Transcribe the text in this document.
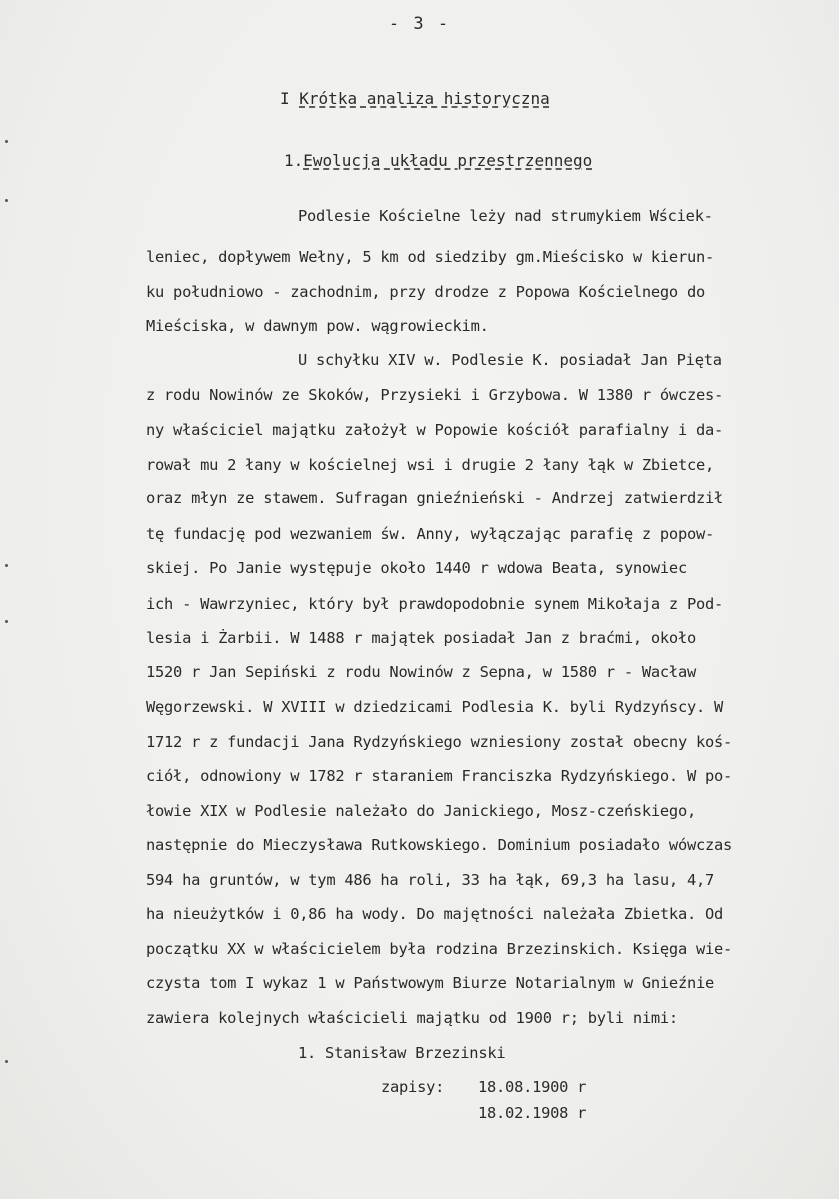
- 3 -
I Krótka analiza historyczna
1.Ewolucja układu przestrzennego
Podlesie Kościelne leży nad strumykiem Wściek-
leniec, dopływem Wełny, 5 km od siedziby gm.Mieścisko w kierun-
ku południowo - zachodnim, przy drodze z Popowa Kościelnego do
Mieściska, w dawnym pow. wągrowieckim.
U schyłku XIV w. Podlesie K. posiadał Jan Pięta
z rodu Nowinów ze Skoków, Przysieki i Grzybowa. W 1380 r ówczes-
ny właściciel majątku założył w Popowie kościół parafialny i da-
rował mu 2 łany w kościelnej wsi i drugie 2 łany łąk w Zbietce,
oraz młyn ze stawem. Sufragan gnieźnieński - Andrzej zatwierdził
tę fundację pod wezwaniem św. Anny, wyłączając parafię z popow-
skiej. Po Janie występuje około 1440 r wdowa Beata, synowiec
ich - Wawrzyniec, który był prawdopodobnie synem Mikołaja z Pod-
lesia i Żarbii. W 1488 r majątek posiadał Jan z braćmi, około
1520 r Jan Sepiński z rodu Nowinów z Sepna, w 1580 r - Wacław
Węgorzewski. W XVIII w dziedzicami Podlesia K. byli Rydzyńscy. W
1712 r z fundacji Jana Rydzyńskiego wzniesiony został obecny koś-
ciół, odnowiony w 1782 r staraniem Franciszka Rydzyńskiego. W po-
łowie XIX w Podlesie należało do Janickiego, Mosz-czeńskiego,
następnie do Mieczysława Rutkowskiego. Dominium posiadało wówczas
594 ha gruntów, w tym 486 ha roli, 33 ha łąk, 69,3 ha lasu, 4,7
ha nieużytków i 0,86 ha wody. Do majętności należała Zbietka. Od
początku XX w właścicielem była rodzina Brzezinskich. Księga wie-
czysta tom I wykaz 1 w Państwowym Biurze Notarialnym w Gnieźnie
zawiera kolejnych właścicieli majątku od 1900 r; byli nimi:
1. Stanisław Brzezinski
zapisy: 18.08.1900 r
18.02.1908 r
